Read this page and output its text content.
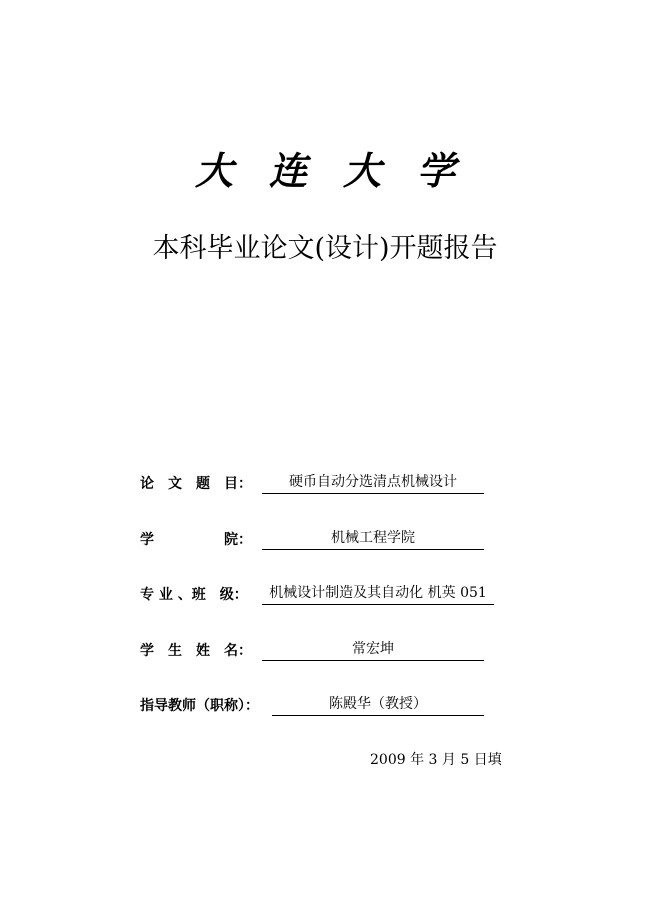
大连大学
本科毕业论文(设计)开题报告
论　文　题　目：	硬币自动分选清点机械设计
学　　　　　院：	机械工程学院
专 业 、班　级：	机械设计制造及其自动化 机英 051
学　生　姓　名：	常宏坤
指导教师（职称）：	陈殿华（教授）
2009 年 3 月 5 日填
